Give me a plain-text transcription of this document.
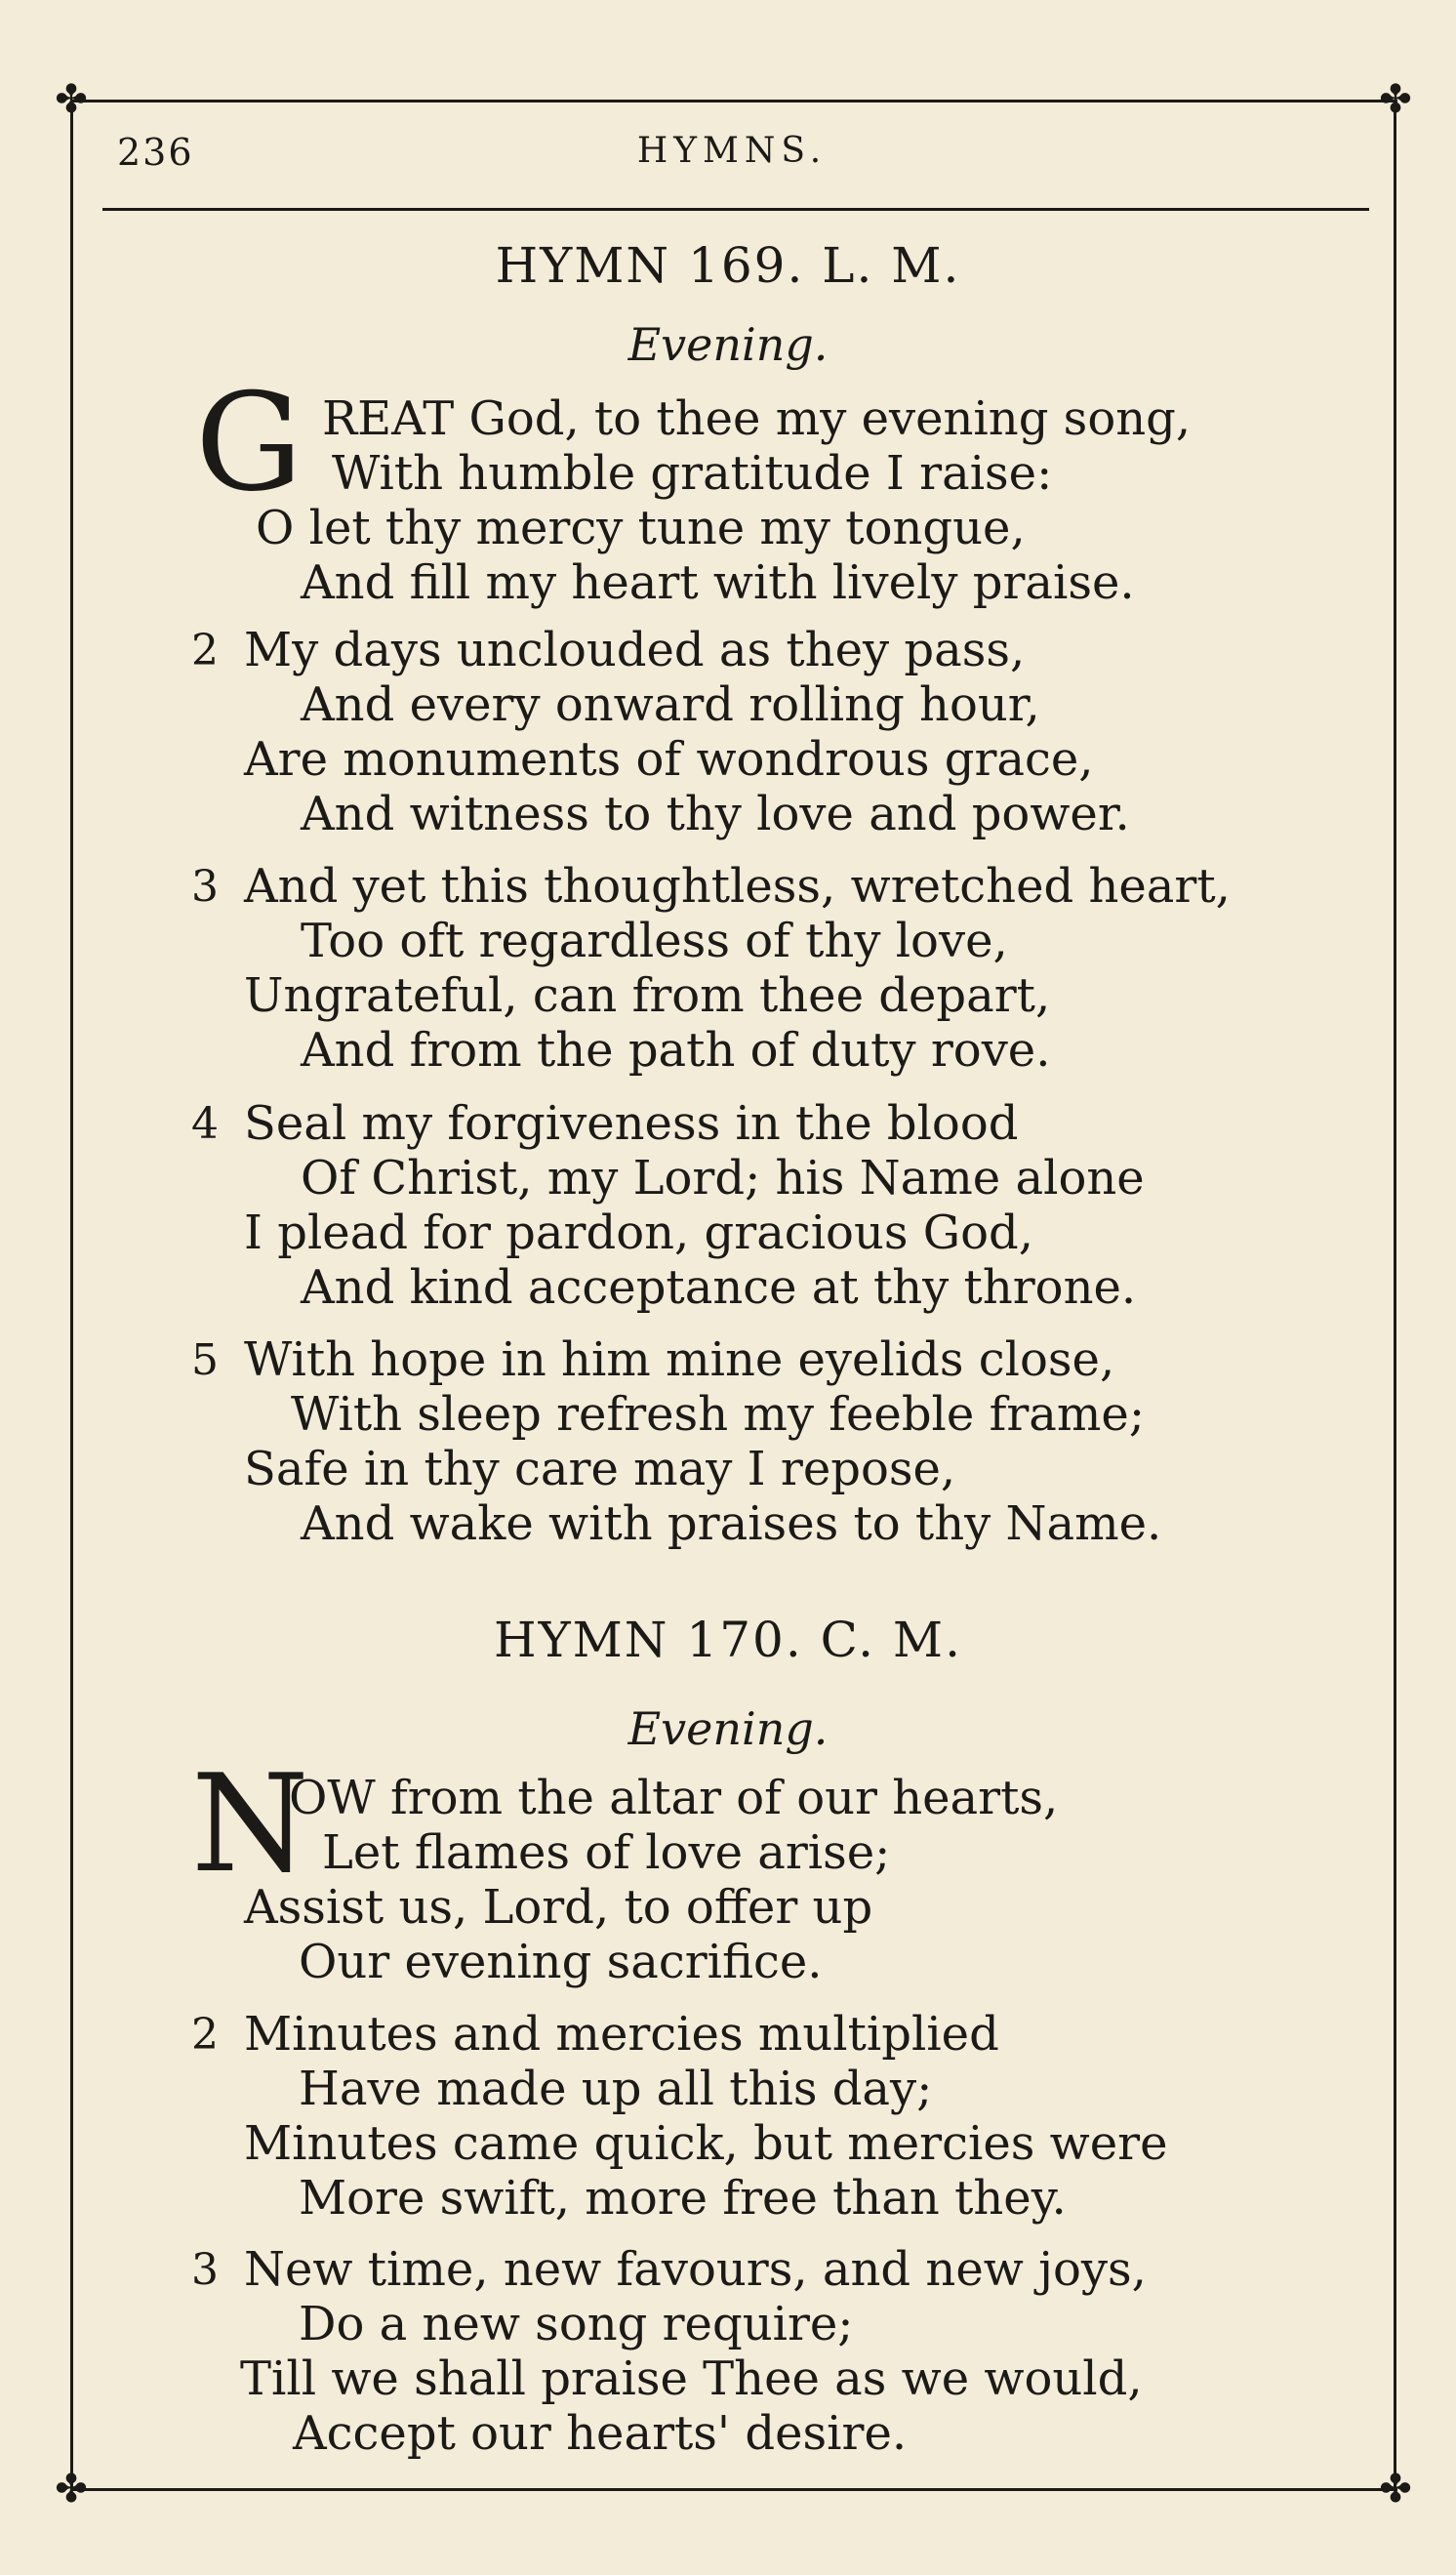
✤	✤
✤	✤
236	HYMNS.
HYMN 169. L. M.
Evening.
G REAT God, to thee my evening song,
With humble gratitude I raise:
O let thy mercy tune my tongue,
And fill my heart with lively praise.
2 My days unclouded as they pass,
And every onward rolling hour,
Are monuments of wondrous grace,
And witness to thy love and power.
3 And yet this thoughtless, wretched heart,
Too oft regardless of thy love,
Ungrateful, can from thee depart,
And from the path of duty rove.
4 Seal my forgiveness in the blood
Of Christ, my Lord; his Name alone
I plead for pardon, gracious God,
And kind acceptance at thy throne.
5 With hope in him mine eyelids close,
With sleep refresh my feeble frame;
Safe in thy care may I repose,
And wake with praises to thy Name.
HYMN 170. C. M.
Evening.
N
OW from the altar of our hearts,
Let flames of love arise;
Assist us, Lord, to offer up
Our evening sacrifice.
2 Minutes and mercies multiplied
Have made up all this day;
Minutes came quick, but mercies were
More swift, more free than they.
3 New time, new favours, and new joys,
Do a new song require;
Till we shall praise Thee as we would,
Accept our hearts' desire.
